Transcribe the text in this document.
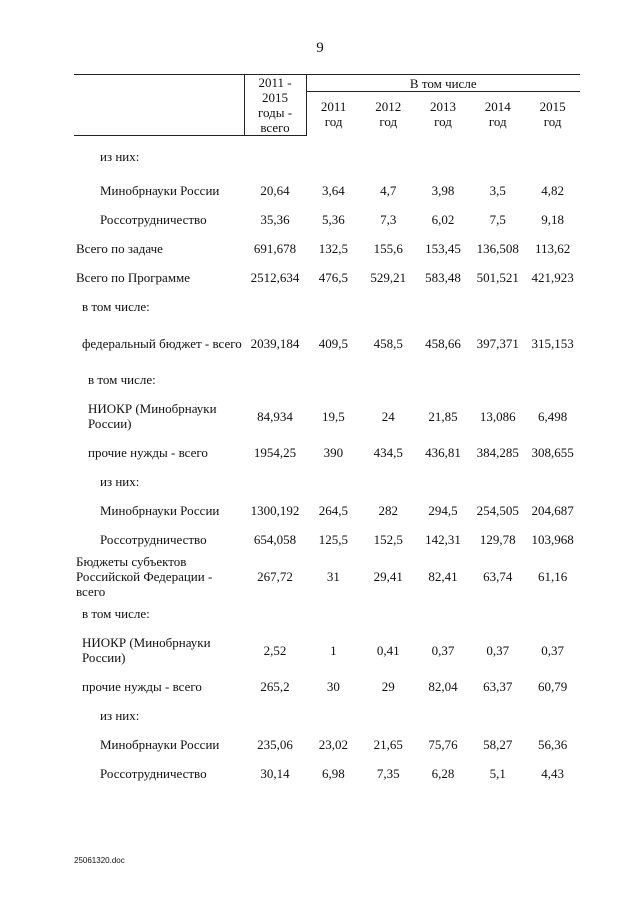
9
	2011 - 2015 годы - всего	В том числе				
		2011 год	2012 год	2013 год	2014 год	2015 год
из них:						
Минобрнауки России	20,64	3,64	4,7	3,98	3,5	4,82
Россотрудничество	35,36	5,36	7,3	6,02	7,5	9,18
Всего по задаче	691,678	132,5	155,6	153,45	136,508	113,62
Всего по Программе	2512,634	476,5	529,21	583,48	501,521	421,923
в том числе:						
федеральный бюджет - всего	2039,184	409,5	458,5	458,66	397,371	315,153
в том числе:						
НИОКР (Минобрнауки России)	84,934	19,5	24	21,85	13,086	6,498
прочие нужды - всего	1954,25	390	434,5	436,81	384,285	308,655
из них:						
Минобрнауки России	1300,192	264,5	282	294,5	254,505	204,687
Россотрудничество	654,058	125,5	152,5	142,31	129,78	103,968
Бюджеты субъектов Российской Федерации - всего	267,72	31	29,41	82,41	63,74	61,16
в том числе:						
НИОКР (Минобрнауки России)	2,52	1	0,41	0,37	0,37	0,37
прочие нужды - всего	265,2	30	29	82,04	63,37	60,79
из них:						
Минобрнауки России	235,06	23,02	21,65	75,76	58,27	56,36
Россотрудничество	30,14	6,98	7,35	6,28	5,1	4,43
25061320.doc
